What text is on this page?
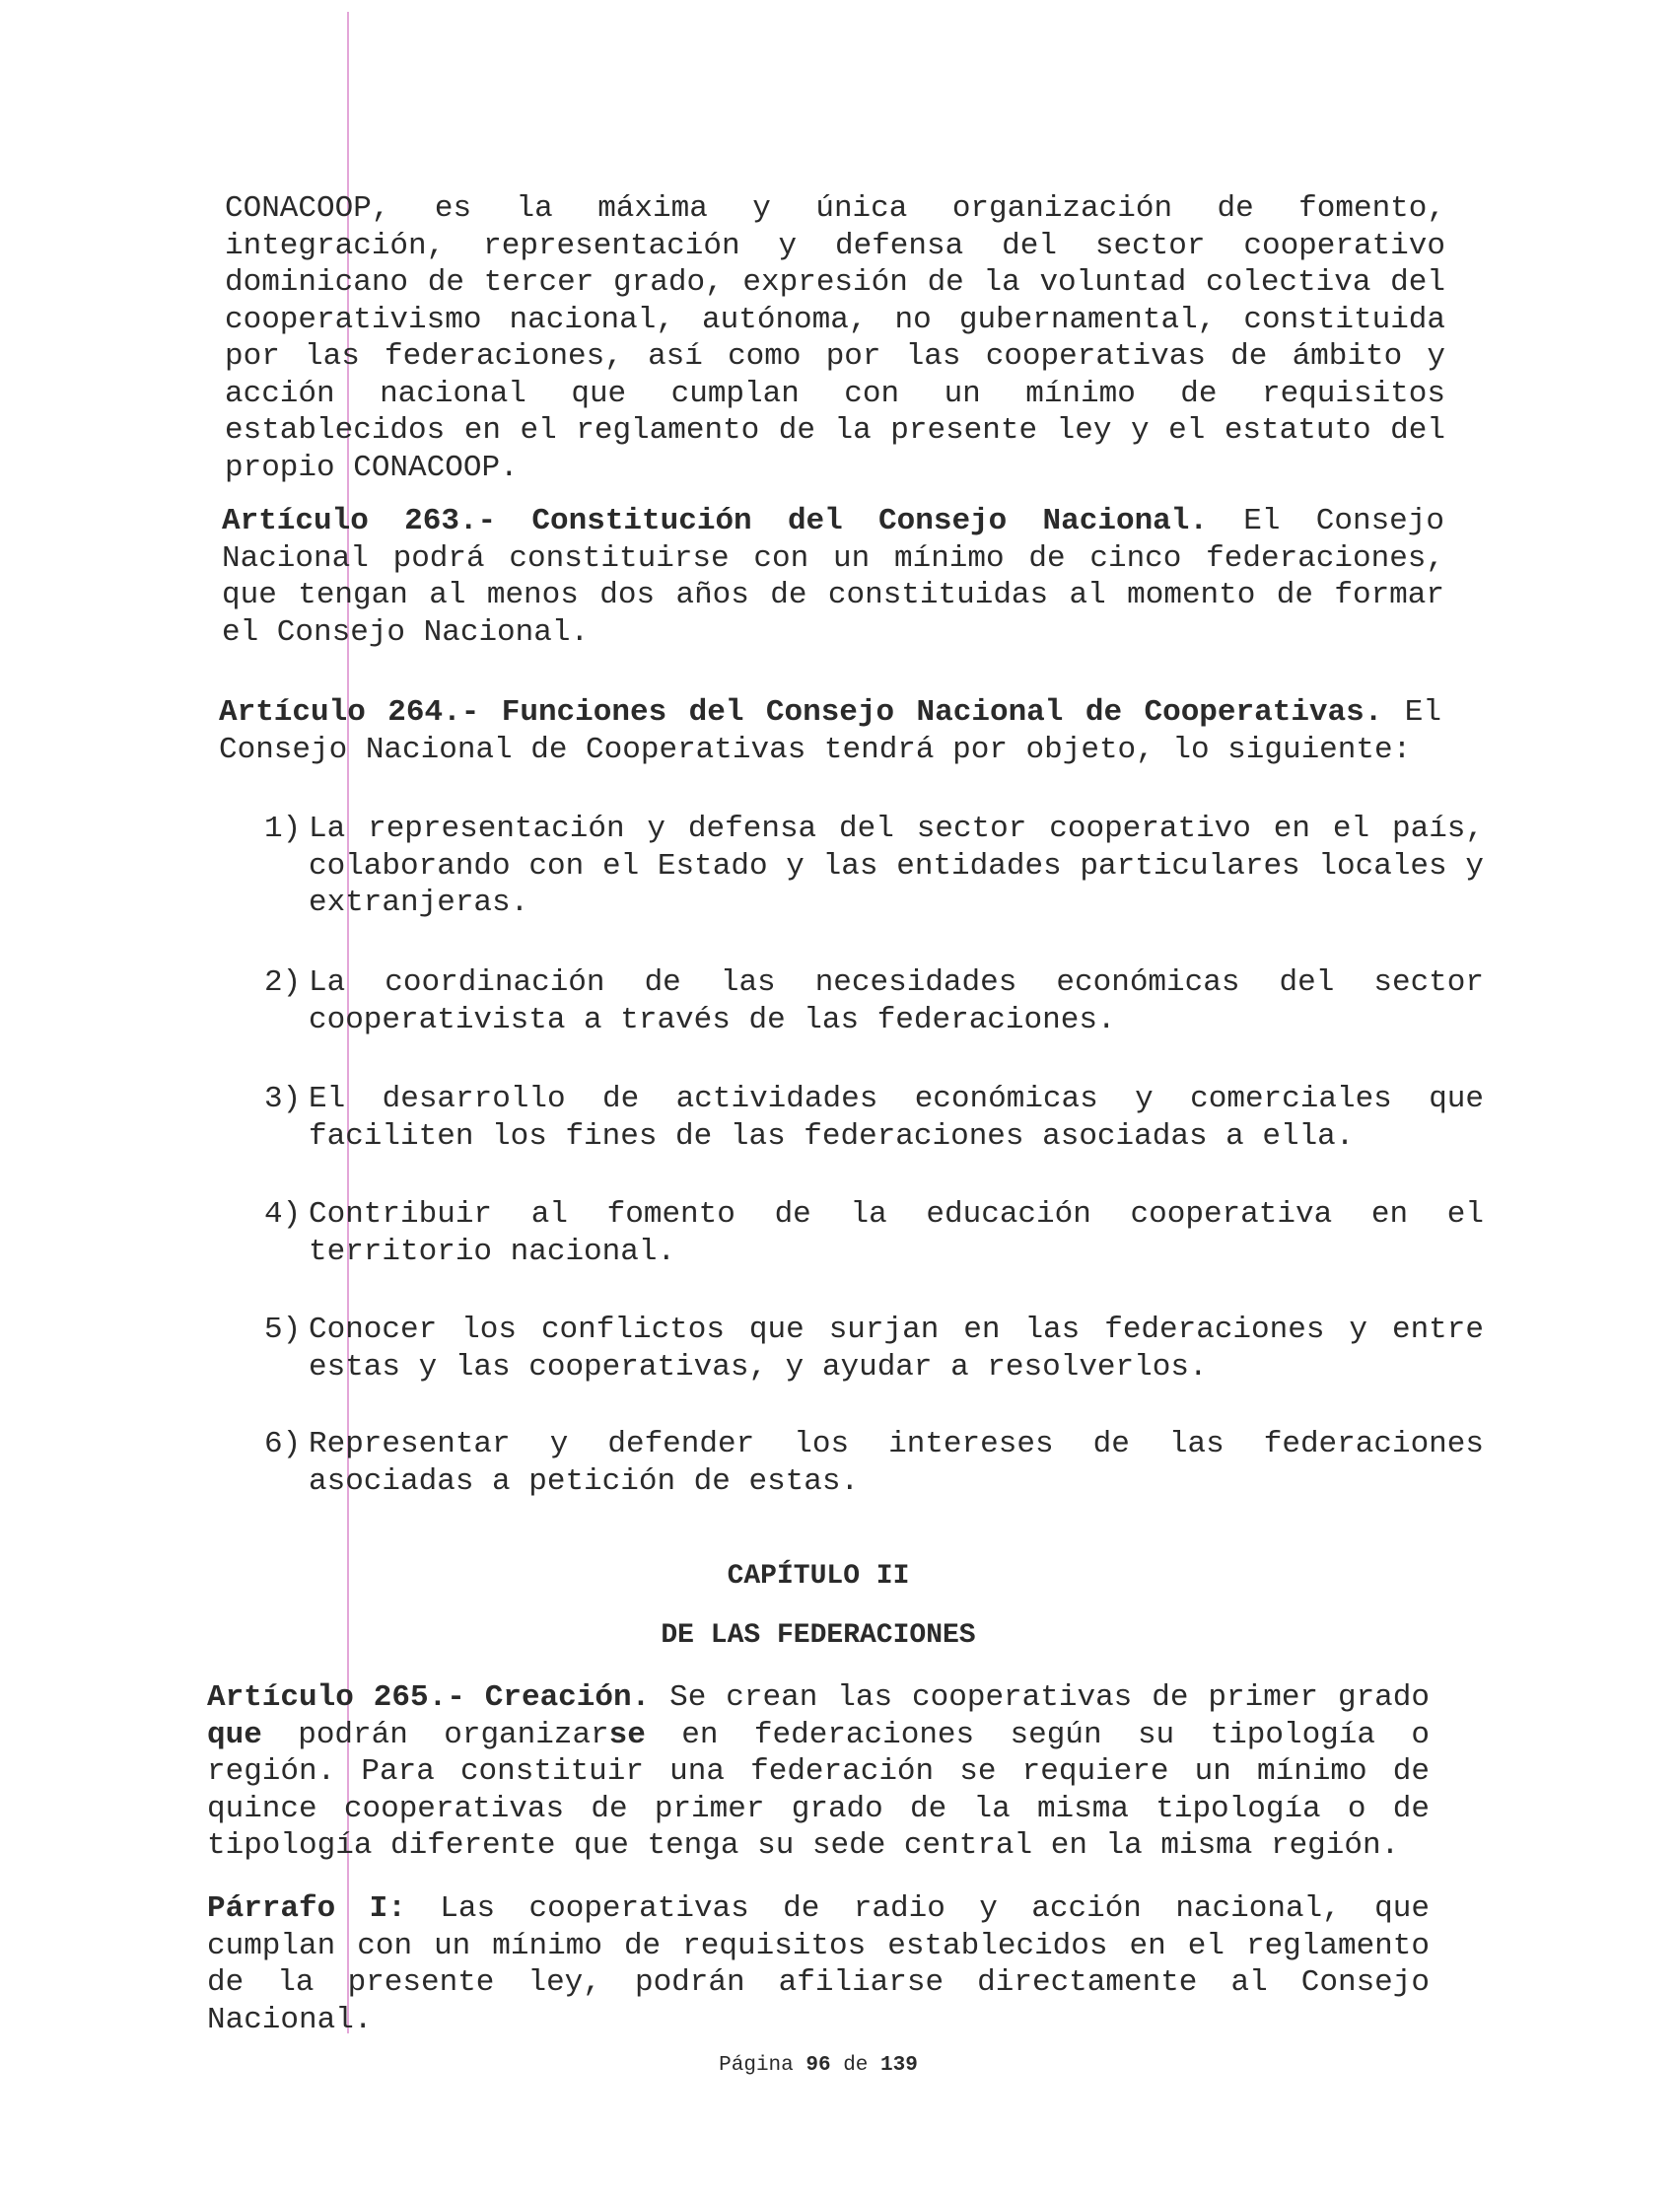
CONACOOP, es la máxima y única organización de fomento, integración, representación y defensa del sector cooperativo dominicano de tercer grado, expresión de la voluntad colectiva del cooperativismo nacional, autónoma, no gubernamental, constituida por las federaciones, así como por las cooperativas de ámbito y acción nacional que cumplan con un mínimo de requisitos establecidos en el reglamento de la presente ley y el estatuto del propio CONACOOP.

Artículo 263.- Constitución del Consejo Nacional. El Consejo Nacional podrá constituirse con un mínimo de cinco federaciones, que tengan al menos dos años de constituidas al momento de formar el Consejo Nacional.

Artículo 264.- Funciones del Consejo Nacional de Cooperativas. El Consejo Nacional de Cooperativas tendrá por objeto, lo siguiente:

1) La representación y defensa del sector cooperativo en el país, colaborando con el Estado y las entidades particulares locales y extranjeras.
2) La coordinación de las necesidades económicas del sector cooperativista a través de las federaciones.
3) El desarrollo de actividades económicas y comerciales que faciliten los fines de las federaciones asociadas a ella.
4) Contribuir al fomento de la educación cooperativa en el territorio nacional.
5) Conocer los conflictos que surjan en las federaciones y entre estas y las cooperativas, y ayudar a resolverlos.
6) Representar y defender los intereses de las federaciones asociadas a petición de estas.

CAPÍTULO II

DE LAS FEDERACIONES

Artículo 265.- Creación. Se crean las cooperativas de primer grado que podrán organizarse en federaciones según su tipología o región. Para constituir una federación se requiere un mínimo de quince cooperativas de primer grado de la misma tipología o de tipología diferente que tenga su sede central en la misma región.

Párrafo I: Las cooperativas de radio y acción nacional, que cumplan con un mínimo de requisitos establecidos en el reglamento de la presente ley, podrán afiliarse directamente al Consejo Nacional.

Página 96 de 139
